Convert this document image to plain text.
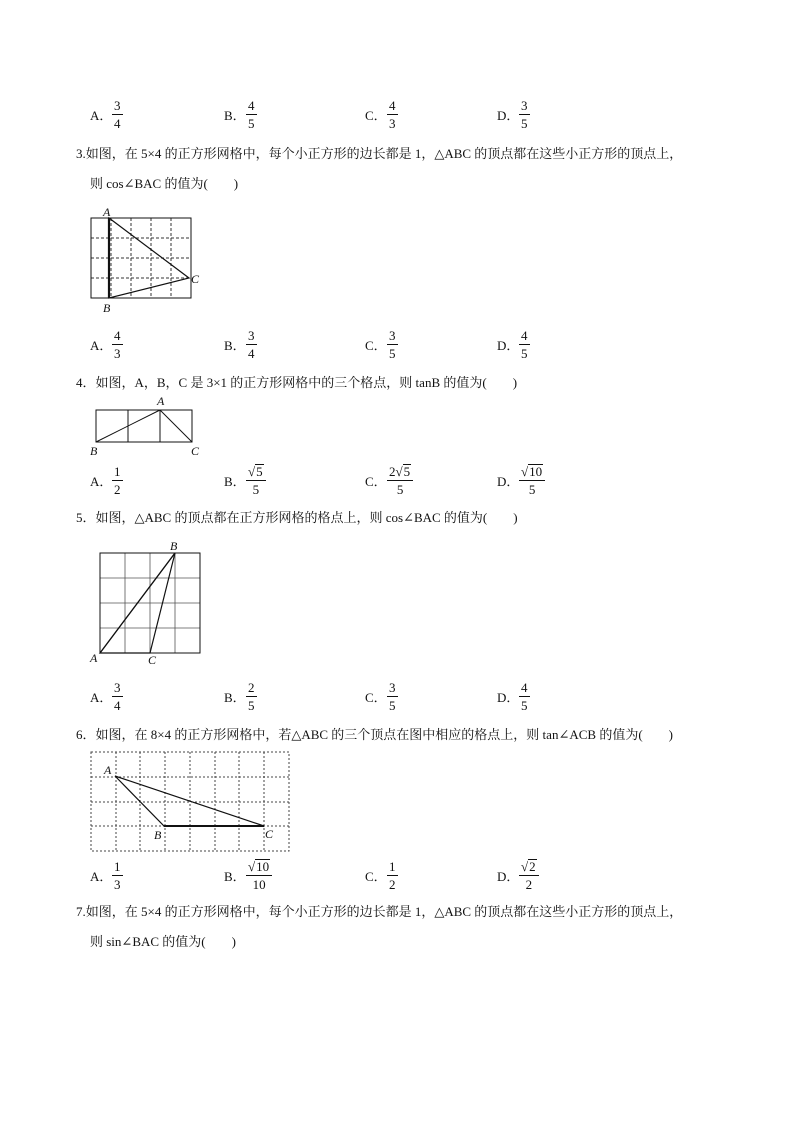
A． $\frac{3}{4}$	B． $\frac{4}{5}$	C． $\frac{4}{3}$	D． $\frac{3}{5}$
3.如图，在 5×4 的正方形网格中，每个小正方形的边长都是 1，△ABC 的顶点都在这些小正方形的顶点上，
则 cos∠BAC 的值为(　　)
A
B
C
A． $\frac{4}{3}$	B． $\frac{3}{4}$	C． $\frac{3}{5}$	D． $\frac{4}{5}$
4．如图，A，B，C 是 3×1 的正方形网格中的三个格点，则 tanB 的值为(　　)
A
B	C
A． $\frac{1}{2}$	B． $\frac{√ 5}{5}$	C． $\frac{2 √ 5}{5}$	D． $\frac{√ 10}{5}$
5．如图，△ABC 的顶点都在正方形网格的格点上，则 cos∠BAC 的值为(　　)
B
A	C
A． $\frac{3}{4}$	B． $\frac{2}{5}$	C． $\frac{3}{5}$	D． $\frac{4}{5}$
6．如图，在 8×4 的正方形网格中，若△ABC 的三个顶点在图中相应的格点上，则 tan∠ACB 的值为(　　)
A
B	C
A． $\frac{1}{3}$	B． $\frac{√ 10}{10}$	C． $\frac{1}{2}$	D． $\frac{√ 2}{2}$
7.如图，在 5×4 的正方形网格中，每个小正方形的边长都是 1，△ABC 的顶点都在这些小正方形的顶点上，
则 sin∠BAC 的值为(　　)
